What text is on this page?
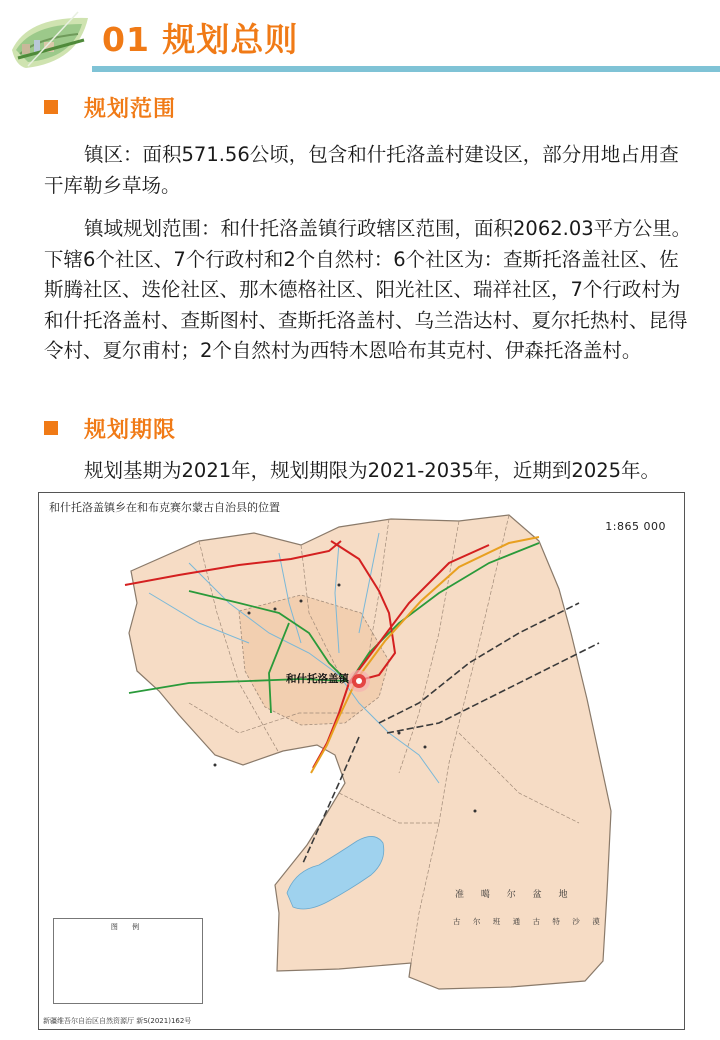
01 规划总则
规划范围

镇区：面积571.56公顷，包含和什托洛盖村建设区，部分用地占用查干库勒乡草场。

镇域规划范围：和什托洛盖镇行政辖区范围，面积2062.03平方公里。下辖6个社区、7个行政村和2个自然村：6个社区为：查斯托洛盖社区、佐斯腾社区、迭伦社区、那木德格社区、阳光社区、瑞祥社区，7个行政村为和什托洛盖村、查斯图村、查斯托洛盖村、乌兰浩达村、夏尔托热村、昆得令村、夏尔甫村；2个自然村为西特木恩哈布其克村、伊森托洛盖村。

规划期限

规划基期为2021年，规划期限为2021-2035年，近期到2025年。

和什托洛盖镇乡在和布克赛尔蒙古自治县的位置
1:865 000
和什托洛盖镇
准 噶 尔 盆 地
古 尔 班 通 古 特 沙 漠
图 例
新疆维吾尔自治区自然资源厅 新S(2021)162号
